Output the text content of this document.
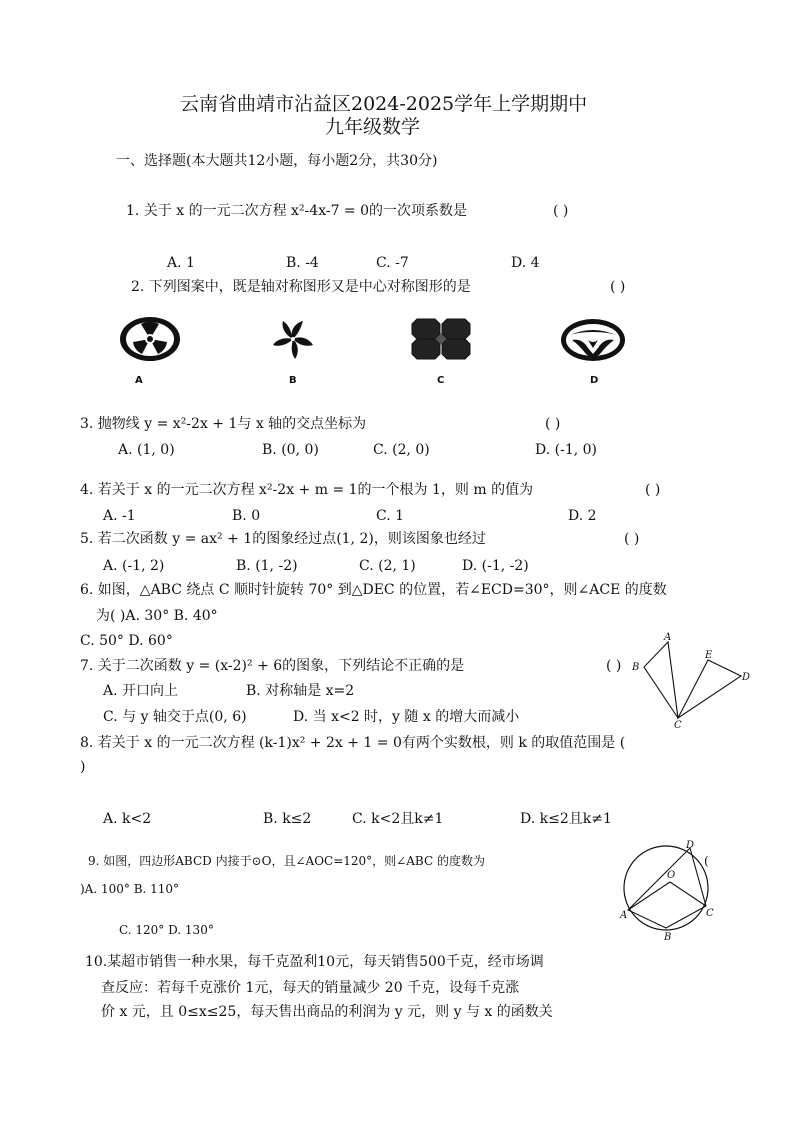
云南省曲靖市沾益区2024-2025学年上学期期中
九年级数学
一、选择题(本大题共12小题，每小题2分，共30分)
1. 关于 x 的一元二次方程 x²-4x-7 = 0的一次项系数是	( )
A. 1	B. -4	C. -7	D. 4
2. 下列图案中，既是轴对称图形又是中心对称图形的是	( )
A	B	C	D
3. 抛物线 y = x²-2x + 1与 x 轴的交点坐标为	( )
A. (1, 0)	B. (0, 0)	C. (2, 0)	D. (-1, 0)
4. 若关于 x 的一元二次方程 x²-2x + m = 1的一个根为 1，则 m 的值为	( )
A. -1	B. 0	C. 1	D. 2
5. 若二次函数 y = ax² + 1的图象经过点(1, 2)，则该图象也经过	( )
A. (-1, 2)	B. (1, -2)	C. (2, 1)	D. (-1, -2)
6. 如图，△ABC 绕点 C 顺时针旋转 70° 到△DEC 的位置，若∠ECD=30°，则∠ACE 的度数
为( )A. 30° B. 40°
C. 50° D. 60°
7. 关于二次函数 y = (x-2)² + 6的图象，下列结论不正确的是	( )
A. 开口向上	B. 对称轴是 x=2
C. 与 y 轴交于点(0, 6)	D. 当 x<2 时，y 随 x 的增大而减小
A
B
C
D
E
8. 若关于 x 的一元二次方程 (k-1)x² + 2x + 1 = 0有两个实数根，则 k 的取值范围是 (
)
A. k<2	B. k≤2	C. k<2且k≠1	D. k≤2且k≠1
9. 如图，四边形ABCD 内接于⊙O，且∠AOC=120°，则∠ABC 的度数为	(
)A. 100° B. 110°
C. 120° D. 130°
D
A	C
B
O
10.某超市销售一种水果，每千克盈利10元，每天销售500千克，经市场调
查反应：若每千克涨价 1元，每天的销量减少 20 千克，设每千克涨
价 x 元，且 0≤x≤25，每天售出商品的利润为 y 元，则 y 与 x 的函数关
